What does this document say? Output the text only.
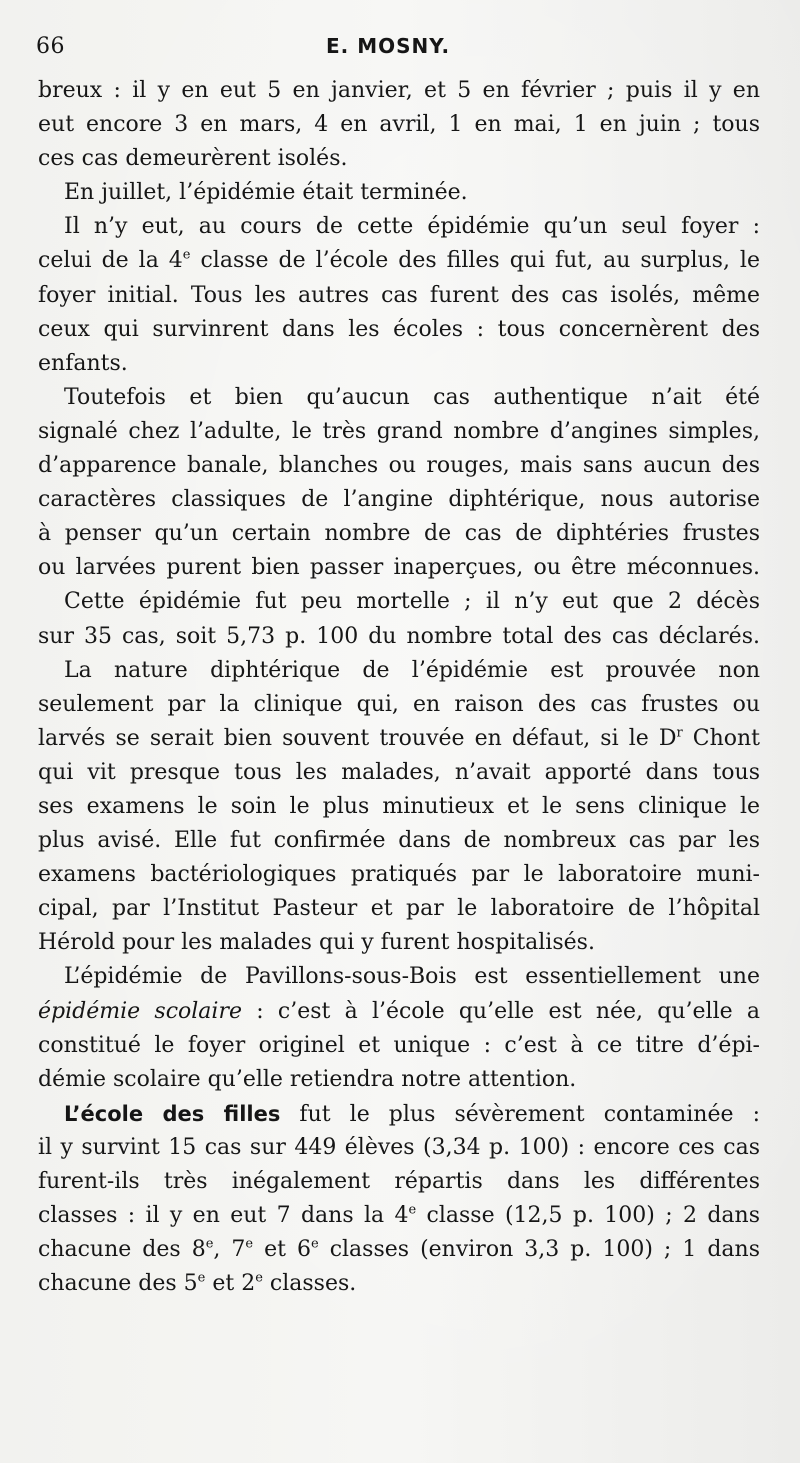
66	E. MOSNY.
breux : il y en eut 5 en janvier, et 5 en février ; puis il y en
eut encore 3 en mars, 4 en avril, 1 en mai, 1 en juin ; tous
ces cas demeurèrent isolés.
En juillet, l’épidémie était terminée.
Il n’y eut, au cours de cette épidémie qu’un seul foyer :
celui de la 4e classe de l’école des filles qui fut, au surplus, le
foyer initial. Tous les autres cas furent des cas isolés, même
ceux qui survinrent dans les écoles : tous concernèrent des
enfants.
Toutefois et bien qu’aucun cas authentique n’ait été
signalé chez l’adulte, le très grand nombre d’angines simples,
d’apparence banale, blanches ou rouges, mais sans aucun des
caractères classiques de l’angine diphtérique, nous autorise
à penser qu’un certain nombre de cas de diphtéries frustes
ou larvées purent bien passer inaperçues, ou être méconnues.
Cette épidémie fut peu mortelle ; il n’y eut que 2 décès
sur 35 cas, soit 5,73 p. 100 du nombre total des cas déclarés.
La nature diphtérique de l’épidémie est prouvée non
seulement par la clinique qui, en raison des cas frustes ou
larvés se serait bien souvent trouvée en défaut, si le $D^r$ Chont
qui vit presque tous les malades, n’avait apporté dans tous
ses examens le soin le plus minutieux et le sens clinique le
plus avisé. Elle fut confirmée dans de nombreux cas par les
examens bactériologiques pratiqués par le laboratoire muni-
cipal, par l’Institut Pasteur et par le laboratoire de l’hôpital
Hérold pour les malades qui y furent hospitalisés.
L’épidémie de Pavillons-sous-Bois est essentiellement une
épidémie scolaire : c’est à l’école qu’elle est née, qu’elle a
constitué le foyer originel et unique : c’est à ce titre d’épi-
démie scolaire qu’elle retiendra notre attention.
L’école des filles fut le plus sévèrement contaminée :
il y survint 15 cas sur 449 élèves (3,34 p. 100) : encore ces cas
furent-ils très inégalement répartis dans les différentes
classes : il y en eut 7 dans la 4e classe (12,5 p. 100) ; 2 dans
chacune des 8e, 7e et 6e classes (environ 3,3 p. 100) ; 1 dans
chacune des 5e et 2e classes.
